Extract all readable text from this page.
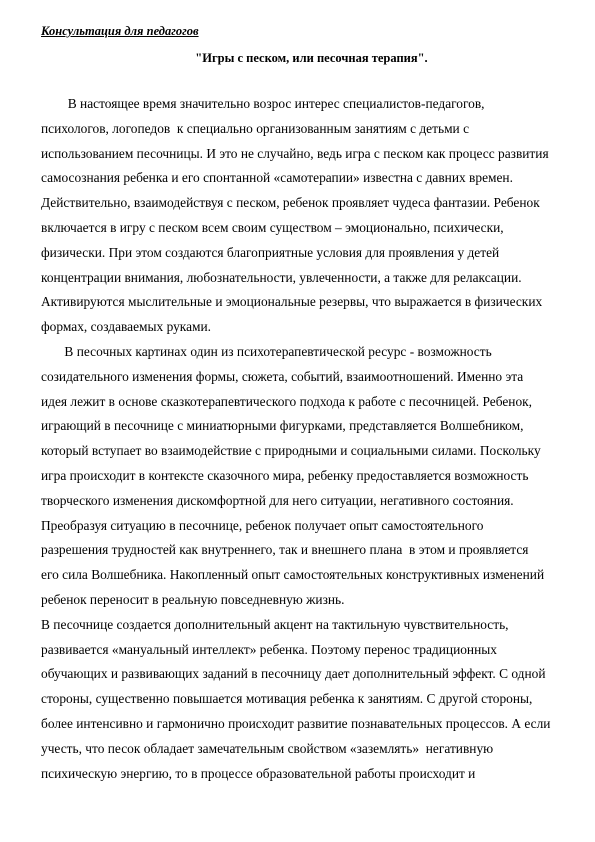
Консультация для педагогов
"Игры с песком, или песочная терапия".
В настоящее время значительно возрос интерес специалистов-педагогов,
психологов, логопедов  к специально организованным занятиям с детьми с
использованием песочницы. И это не случайно, ведь игра с песком как процесс развития
самосознания ребенка и его спонтанной «самотерапии» известна с давних времен.
Действительно, взаимодействуя с песком, ребенок проявляет чудеса фантазии. Ребенок
включается в игру с песком всем своим существом – эмоционально, психически,
физически. При этом создаются благоприятные условия для проявления у детей
концентрации внимания, любознательности, увлеченности, а также для релаксации.
Активируются мыслительные и эмоциональные резервы, что выражается в физических
формах, создаваемых руками.
В песочных картинах один из психотерапевтической ресурс - возможность
созидательного изменения формы, сюжета, событий, взаимоотношений. Именно эта
идея лежит в основе сказкотерапевтического подхода к работе с песочницей. Ребенок,
играющий в песочнице с миниатюрными фигурками, представляется Волшебником,
который вступает во взаимодействие с природными и социальными силами. Поскольку
игра происходит в контексте сказочного мира, ребенку предоставляется возможность
творческого изменения дискомфортной для него ситуации, негативного состояния.
Преобразуя ситуацию в песочнице, ребенок получает опыт самостоятельного
разрешения трудностей как внутреннего, так и внешнего плана  в этом и проявляется
его сила Волшебника. Накопленный опыт самостоятельных конструктивных изменений
ребенок переносит в реальную повседневную жизнь.
В песочнице создается дополнительный акцент на тактильную чувствительность,
развивается «мануальный интеллект» ребенка. Поэтому перенос традиционных
обучающих и развивающих заданий в песочницу дает дополнительный эффект. С одной
стороны, существенно повышается мотивация ребенка к занятиям. С другой стороны,
более интенсивно и гармонично происходит развитие познавательных процессов. А если
учесть, что песок обладает замечательным свойством «заземлять»  негативную
психическую энергию, то в процессе образовательной работы происходит и
